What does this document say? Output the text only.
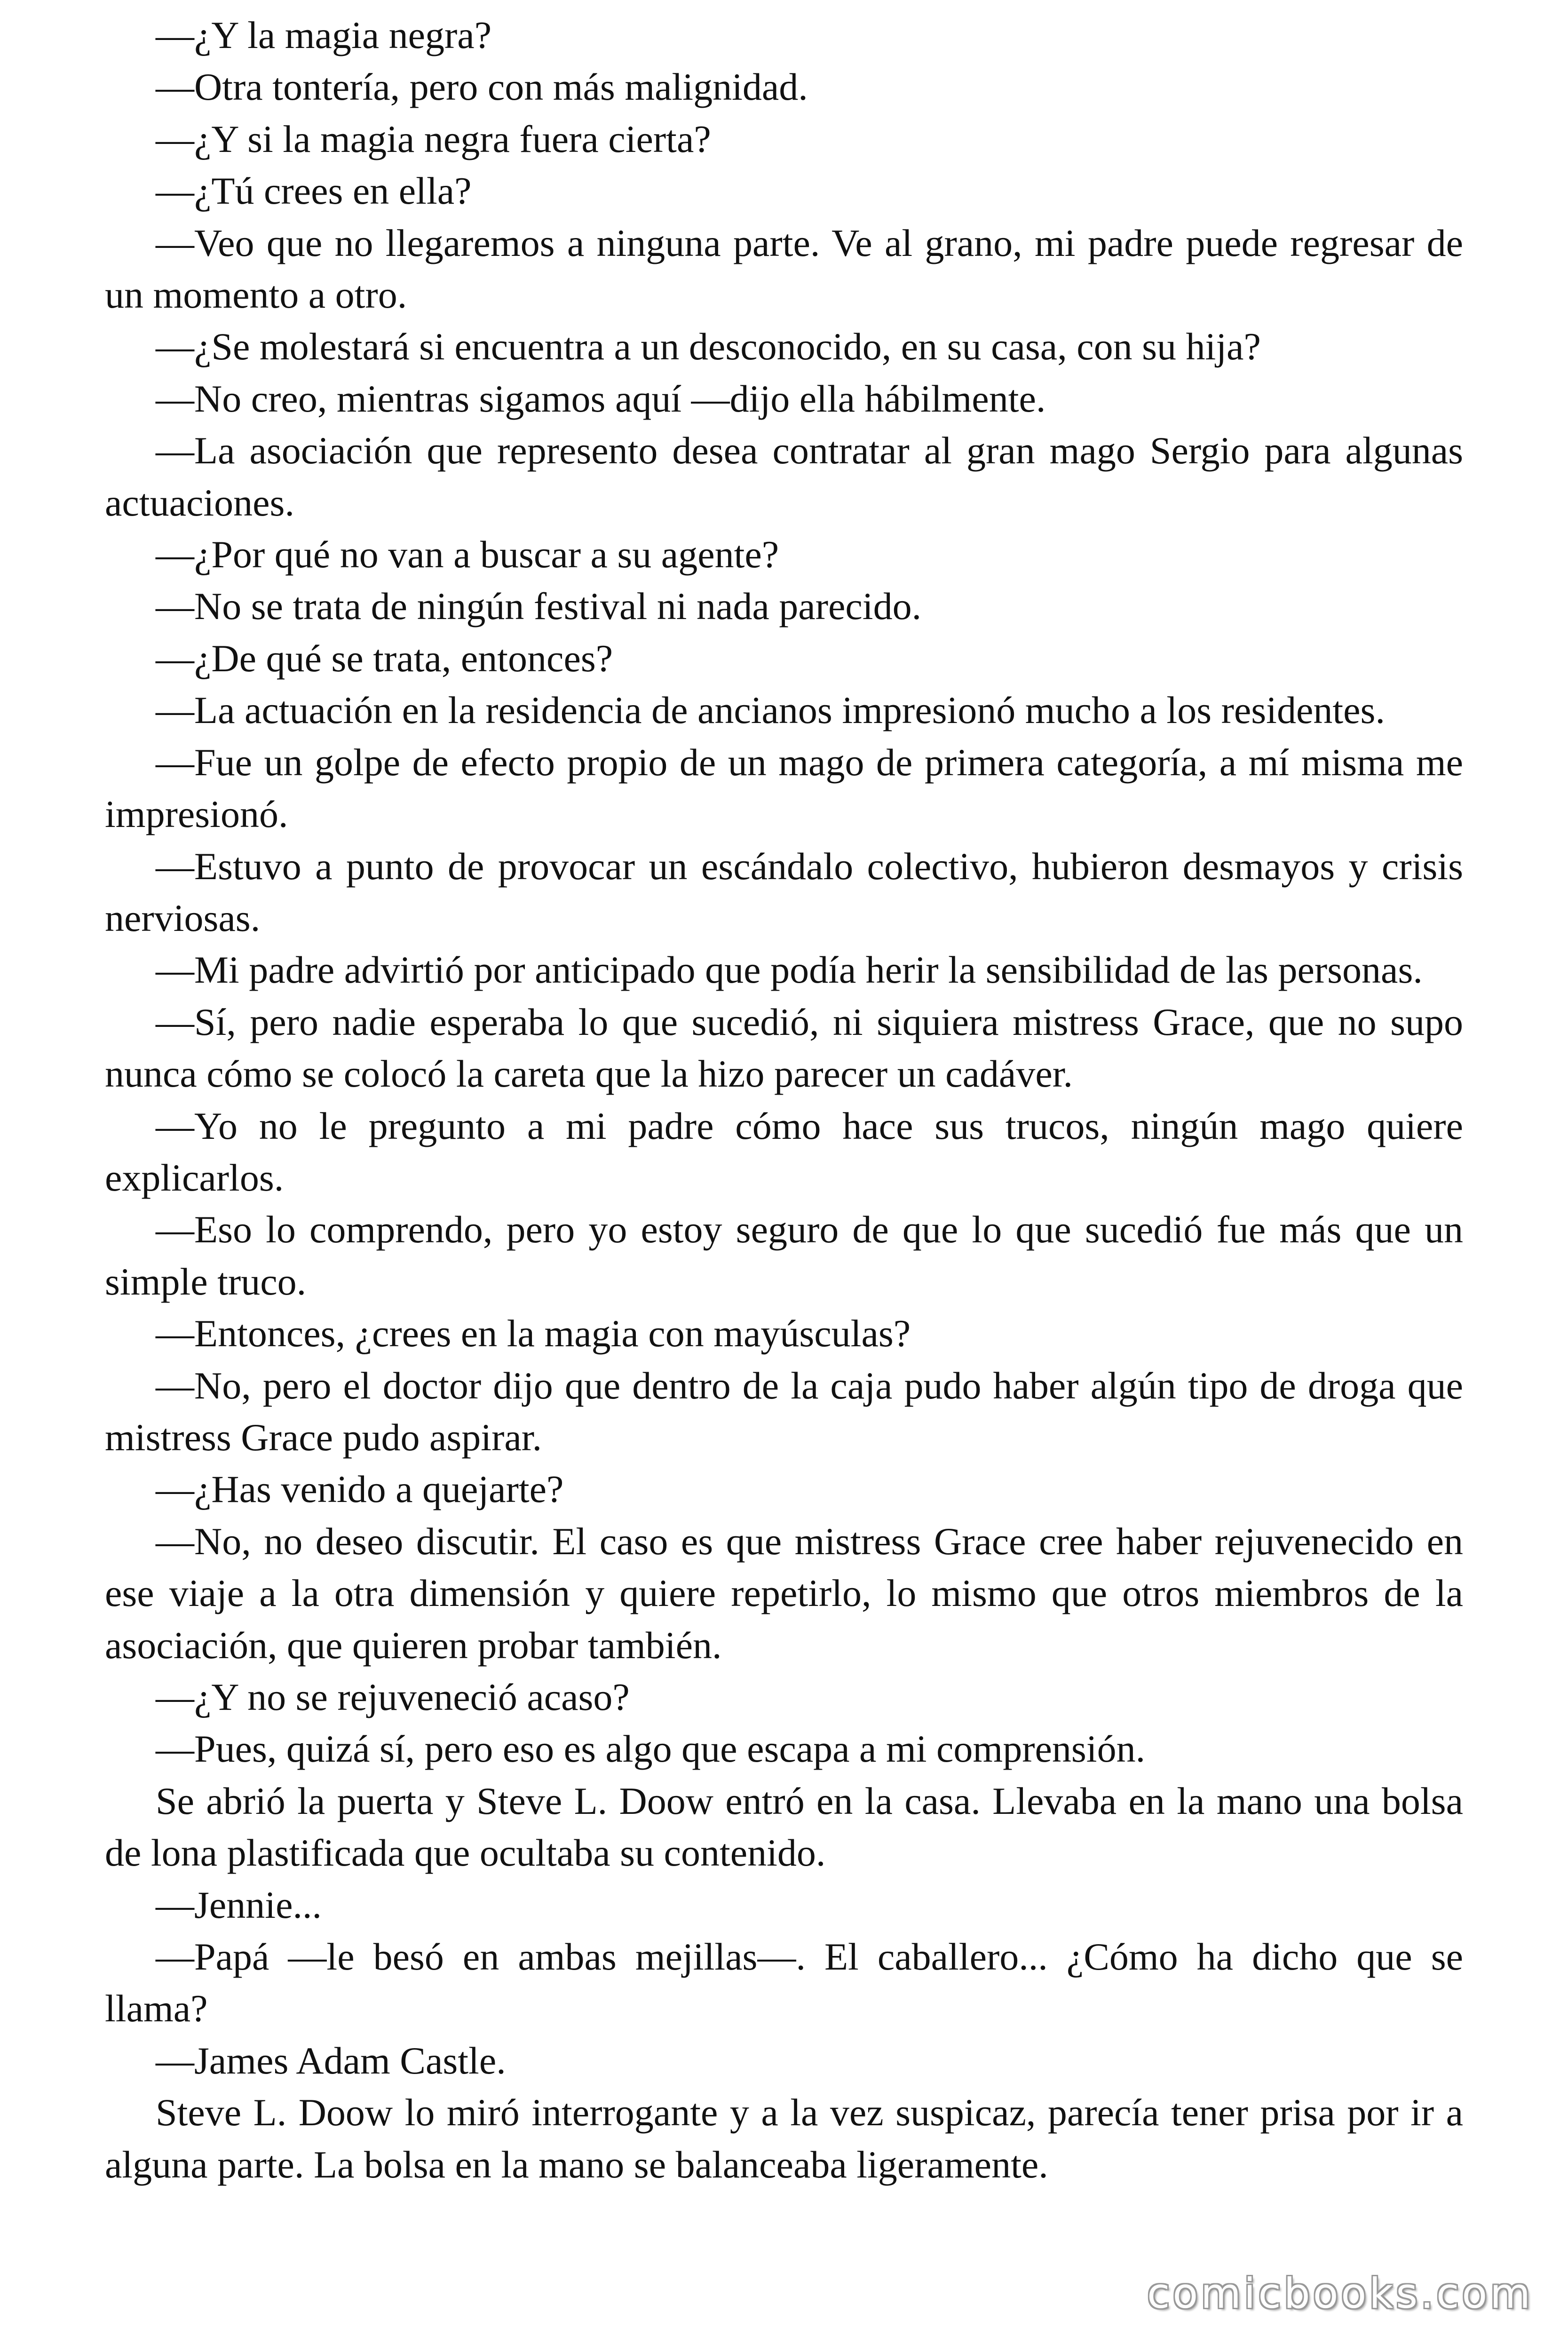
—¿Y la magia negra?

—Otra tontería, pero con más malignidad.

—¿Y si la magia negra fuera cierta?

—¿Tú crees en ella?

—Veo que no llegaremos a ninguna parte. Ve al grano, mi padre puede regresar de un momento a otro.

—¿Se molestará si encuentra a un desconocido, en su casa, con su hija?

—No creo, mientras sigamos aquí —dijo ella hábilmente.

—La asociación que represento desea contratar al gran mago Sergio para algunas actuaciones.

—¿Por qué no van a buscar a su agente?

—No se trata de ningún festival ni nada parecido.

—¿De qué se trata, entonces?

—La actuación en la residencia de ancianos impresionó mucho a los residentes.

—Fue un golpe de efecto propio de un mago de primera categoría, a mí misma me impresionó.

—Estuvo a punto de provocar un escándalo colectivo, hubieron desmayos y crisis nerviosas.

—Mi padre advirtió por anticipado que podía herir la sensibilidad de las personas.

—Sí, pero nadie esperaba lo que sucedió, ni siquiera mistress Grace, que no supo nunca cómo se colocó la careta que la hizo parecer un cadáver.

—Yo no le pregunto a mi padre cómo hace sus trucos, ningún mago quiere explicarlos.

—Eso lo comprendo, pero yo estoy seguro de que lo que sucedió fue más que un simple truco.

—Entonces, ¿crees en la magia con mayúsculas?

—No, pero el doctor dijo que dentro de la caja pudo haber algún tipo de droga que mistress Grace pudo aspirar.

—¿Has venido a quejarte?

—No, no deseo discutir. El caso es que mistress Grace cree haber rejuvenecido en ese viaje a la otra dimensión y quiere repetirlo, lo mismo que otros miembros de la asociación, que quieren probar también.

—¿Y no se rejuveneció acaso?

—Pues, quizá sí, pero eso es algo que escapa a mi comprensión.

Se abrió la puerta y Steve L. Doow entró en la casa. Llevaba en la mano una bolsa de lona plastificada que ocultaba su contenido.

—Jennie...

—Papá —le besó en ambas mejillas—. El caballero... ¿Cómo ha dicho que se llama?

—James Adam Castle.

Steve L. Doow lo miró interrogante y a la vez suspicaz, parecía tener prisa por ir a alguna parte. La bolsa en la mano se balanceaba ligeramente.

comicbooks.com
